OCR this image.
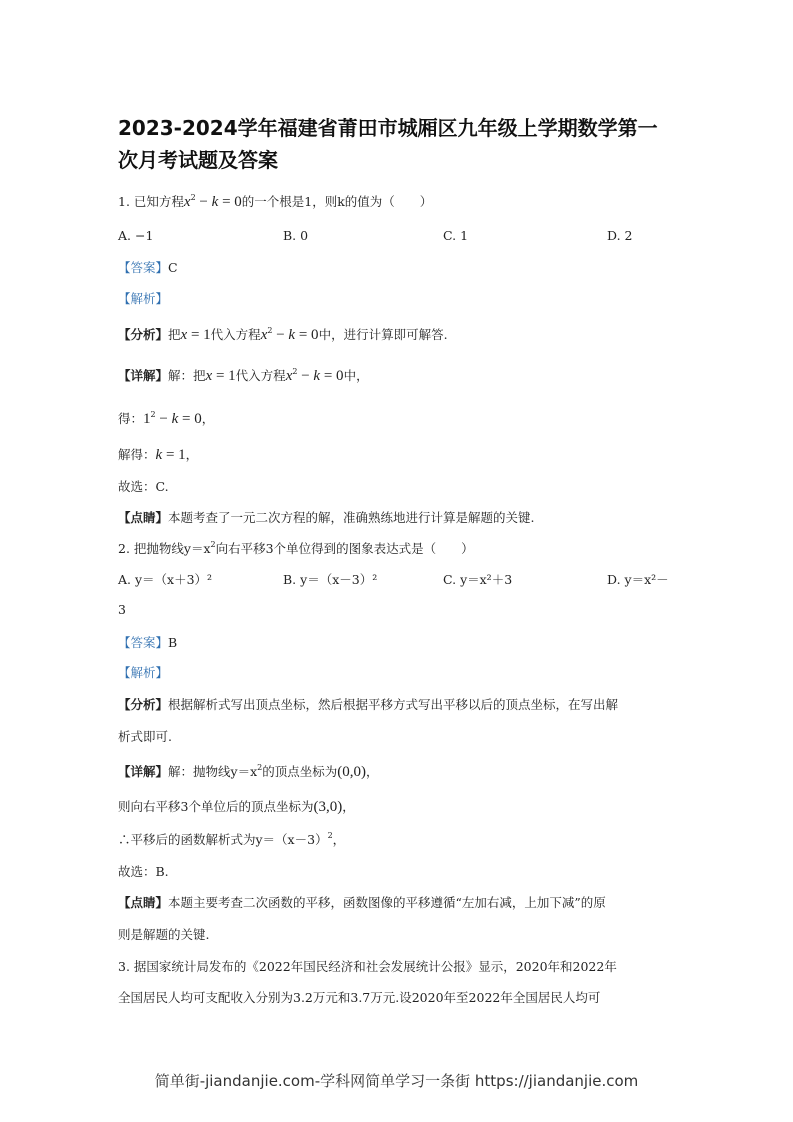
2023-2024学年福建省莆田市城厢区九年级上学期数学第一
次月考试题及答案
1. 已知方程$x^2 - k = 0$的一个根是1，则k的值为（　　）
A. −1	B. 0	C. 1	D. 2
【答案】C
【解析】
【分析】把x = 1代入方程$x^2 - k = 0$中，进行计算即可解答.
【详解】解：把x = 1代入方程$x^2 - k = 0$中，
得：$1^2 - k = 0$，
解得：k = 1，
故选：C.
【点睛】本题考查了一元二次方程的解，准确熟练地进行计算是解题的关键.
2. 把抛物线$y=x^2$向右平移3个单位得到的图象表达式是（　　）
A. y＝（x＋3）²	B. y＝（x－3）²	C. y＝x²＋3	D. y＝x²－
3
【答案】B
【解析】
【分析】根据解析式写出顶点坐标，然后根据平移方式写出平移以后的顶点坐标，在写出解
析式即可.
【详解】解：抛物线$y=x^2$的顶点坐标为(0,0)，
则向右平移3个单位后的顶点坐标为(3,0)，
∴平移后的函数解析式为$y=(x-3)^2$，
故选：B.
【点睛】本题主要考查二次函数的平移，函数图像的平移遵循“左加右减，上加下减”的原
则是解题的关键.
3. 据国家统计局发布的《2022年国民经济和社会发展统计公报》显示，2020年和2022年
全国居民人均可支配收入分别为3.2万元和3.7万元.设2020年至2022年全国居民人均可
简单街-jiandanjie.com-学科网简单学习一条街 https://jiandanjie.com
